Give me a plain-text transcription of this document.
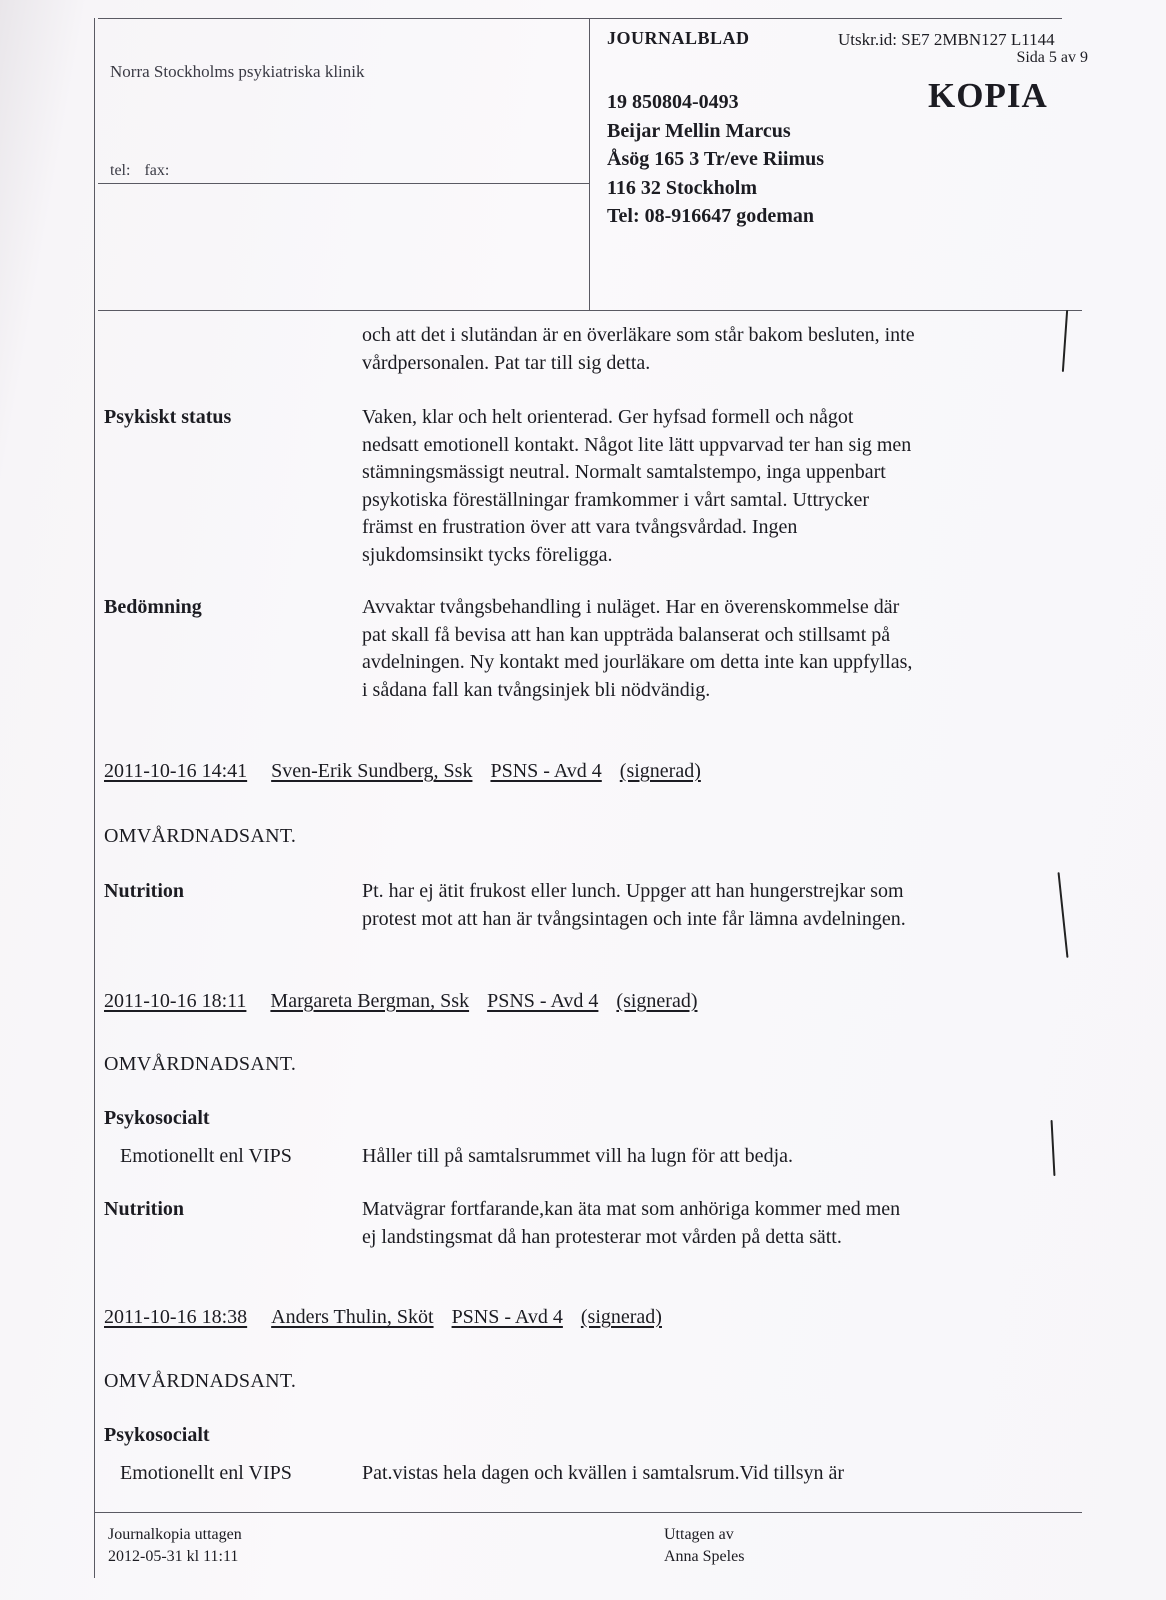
Norra Stockholms psykiatriska klinik
tel: fax:
JOURNALBLAD	Utskr.id: SE7 2MBN127 L1144
Sida 5 av 9
KOPIA
19 850804-0493
Beijar Mellin Marcus
Åsög 165 3 Tr/eve Riimus
116 32 Stockholm
Tel: 08-916647 godeman
och att det i slutändan är en överläkare som står bakom besluten, inte
vårdpersonalen. Pat tar till sig detta.
Psykiskt status	Vaken, klar och helt orienterad. Ger hyfsad formell och något
nedsatt emotionell kontakt. Något lite lätt uppvarvad ter han sig men
stämningsmässigt neutral. Normalt samtalstempo, inga uppenbart
psykotiska föreställningar framkommer i vårt samtal. Uttrycker
främst en frustration över att vara tvångsvårdad. Ingen
sjukdomsinsikt tycks föreligga.
Bedömning	Avvaktar tvångsbehandling i nuläget. Har en överenskommelse där
pat skall få bevisa att han kan uppträda balanserat och stillsamt på
avdelningen. Ny kontakt med jourläkare om detta inte kan uppfyllas,
i sådana fall kan tvångsinjek bli nödvändig.
2011-10-16 14:41 Sven-Erik Sundberg, Ssk PSNS - Avd 4 (signerad)
OMVÅRDNADSANT.
Nutrition	Pt. har ej ätit frukost eller lunch. Uppger att han hungerstrejkar som
protest mot att han är tvångsintagen och inte får lämna avdelningen.
2011-10-16 18:11 Margareta Bergman, Ssk PSNS - Avd 4 (signerad)
OMVÅRDNADSANT.
Psykosocialt
Emotionellt enl VIPS	Håller till på samtalsrummet vill ha lugn för att bedja.
Nutrition	Matvägrar fortfarande,kan äta mat som anhöriga kommer med men
ej landstingsmat då han protesterar mot vården på detta sätt.
2011-10-16 18:38 Anders Thulin, Sköt PSNS - Avd 4 (signerad)
OMVÅRDNADSANT.
Psykosocialt
Emotionellt enl VIPS	Pat.vistas hela dagen och kvällen i samtalsrum.Vid tillsyn är
Journalkopia uttagen
2012-05-31 kl 11:11
Uttagen av
Anna Speles
